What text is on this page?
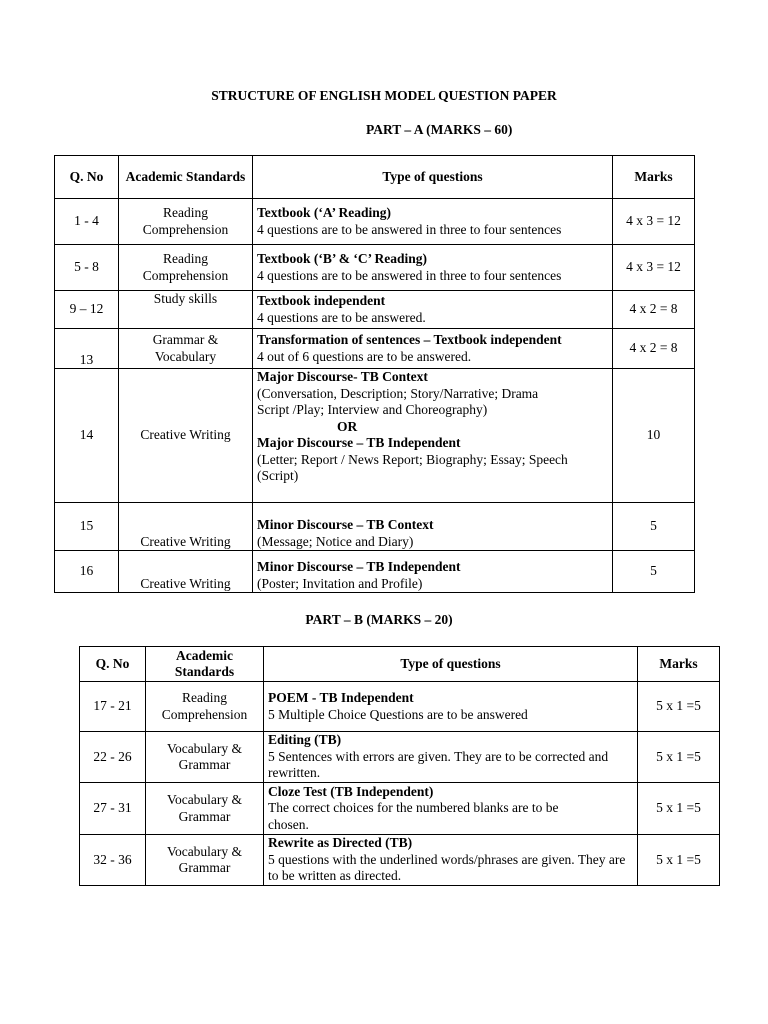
STRUCTURE OF ENGLISH MODEL QUESTION PAPER
PART – A (MARKS – 60)
Q. No	Academic Standards	Type of questions	Marks
1 - 4	Reading Comprehension	Textbook (‘A’ Reading)
4 questions are to be answered in three to four sentences	4 x 3 = 12
5 - 8	Reading Comprehension	Textbook (‘B’ & ‘C’ Reading)
4 questions are to be answered in three to four sentences	4 x 3 = 12
9 – 12	Study skills	Textbook independent
4 questions are to be answered.	4 x 2 = 8
13	Grammar & Vocabulary	Transformation of sentences – Textbook independent
4 out of 6 questions are to be answered.	4 x 2 = 8
14	Creative Writing	Major Discourse- TB Context
(Conversation, Description; Story/Narrative; Drama Script /Play; Interview and Choreography)
OR
Major Discourse – TB Independent
(Letter; Report / News Report; Biography; Essay; Speech (Script)	10
15	Creative Writing	Minor Discourse – TB Context
(Message; Notice and Diary)	5
16	Creative Writing	Minor Discourse – TB Independent
(Poster; Invitation and Profile)	5
PART – B (MARKS – 20)
Q. No	Academic Standards	Type of questions	Marks
17 - 21	Reading Comprehension	POEM - TB Independent
5 Multiple Choice Questions are to be answered	5 x 1 =5
22 - 26	Vocabulary & Grammar	Editing (TB)
5 Sentences with errors are given. They are to be corrected and rewritten.	5 x 1 =5
27 - 31	Vocabulary & Grammar	Cloze Test (TB Independent)
The correct choices for the numbered blanks are to be chosen.	5 x 1 =5
32 - 36	Vocabulary & Grammar	Rewrite as Directed (TB)
5 questions with the underlined words/phrases are given. They are to be written as directed.	5 x 1 =5
